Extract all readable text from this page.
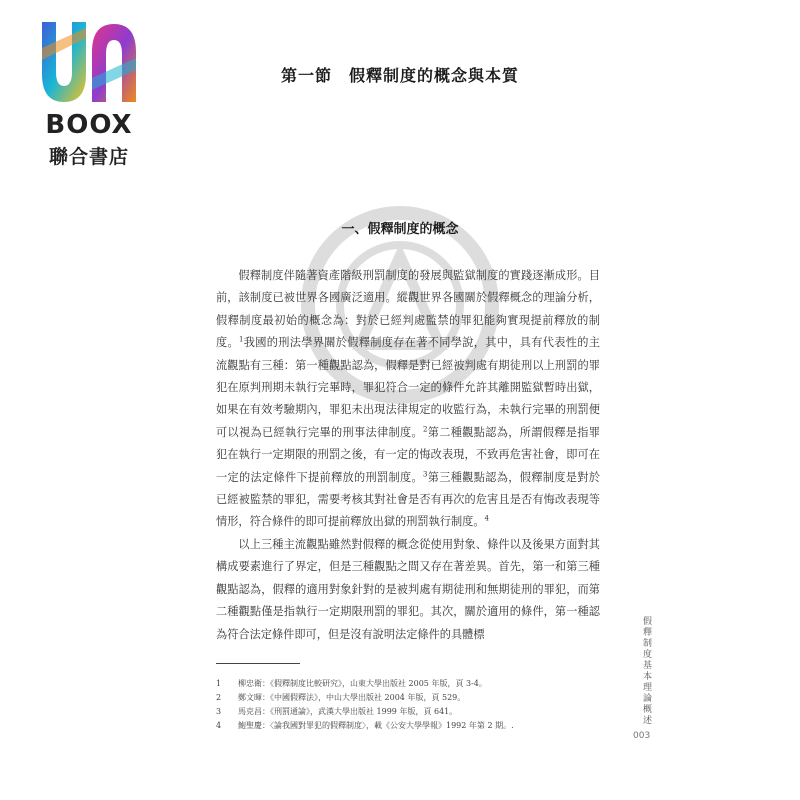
BOOX
聯合書店
第一節　假釋制度的概念與本質
一、假釋制度的概念

假釋制度伴隨著資產階級刑罰制度的發展與監獄制度的實踐逐漸成形。目前，該制度已被世界各國廣泛適用。縱觀世界各國關於假釋概念的理論分析，假釋制度最初始的概念為：對於已經判處監禁的罪犯能夠實現提前釋放的制度。$^1$我國的刑法學界關於假釋制度存在著不同學說，其中，具有代表性的主流觀點有三種：第一種觀點認為，假釋是對已經被判處有期徒刑以上刑罰的罪犯在原判刑期未執行完畢時，罪犯符合一定的條件允許其離開監獄暫時出獄，如果在有效考驗期內，罪犯未出現法律規定的收監行為，未執行完畢的刑罰便可以視為已經執行完畢的刑事法律制度。$^2$第二種觀點認為，所謂假釋是指罪犯在執行一定期限的刑罰之後，有一定的悔改表現，不致再危害社會，即可在一定的法定條件下提前釋放的刑罰制度。$^3$第三種觀點認為，假釋制度是對於已經被監禁的罪犯，需要考核其對社會是否有再次的危害且是否有悔改表現等情形，符合條件的即可提前釋放出獄的刑罰執行制度。$^4$

以上三種主流觀點雖然對假釋的概念從使用對象、條件以及後果方面對其構成要素進行了界定，但是三種觀點之間又存在著差異。首先，第一和第三種觀點認為，假釋的適用對象針對的是被判處有期徒刑和無期徒刑的罪犯，而第二種觀點僅是指執行一定期限刑罰的罪犯。其次，關於適用的條件，第一種認為符合法定條件即可，但是沒有說明法定條件的具體標

1	柳忠衛：《假釋制度比較研究》，山東大學出版社 2005 年版，頁 3-4。
2	鄭文暉：《中國假釋法》，中山大學出版社 2004 年版，頁 529。
3	馬克昌：《刑罰通論》，武漢大學出版社 1999 年版，頁 641。
4	鮑聖慶：〈論我國對罪犯的假釋制度〉，載《公安大學學報》1992 年第 2 期。.	假釋制度基本理論概述
003
